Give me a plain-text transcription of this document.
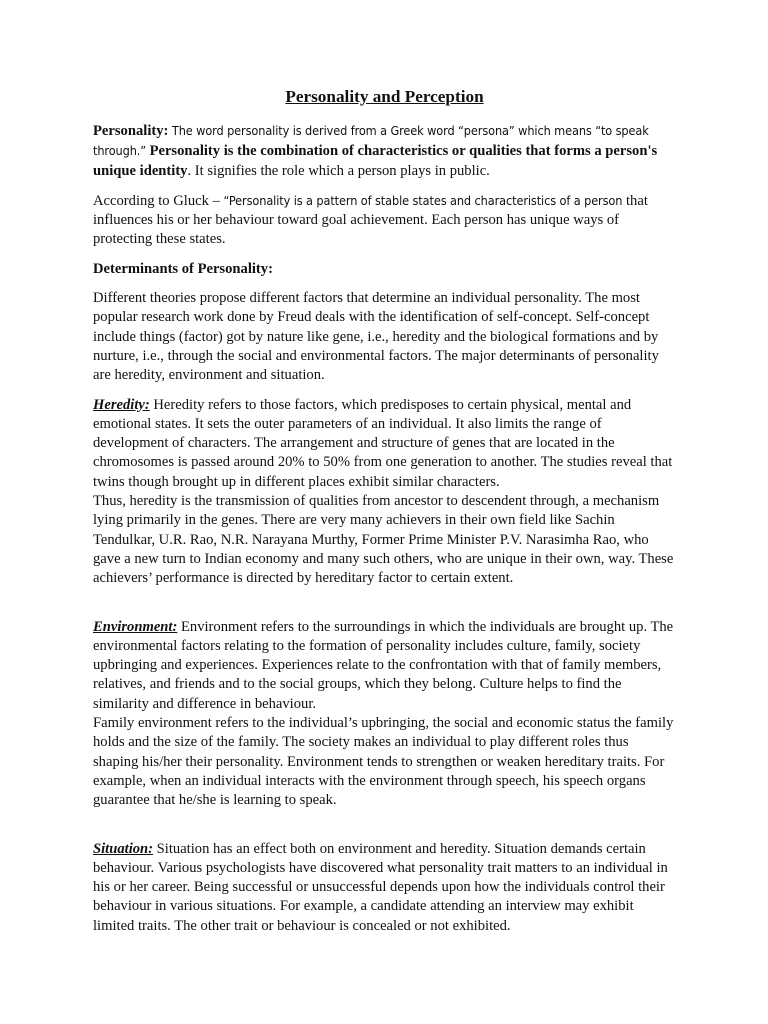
Personality and Perception

Personality: The word personality is derived from a Greek word “persona” which means “to speak through.” Personality is the combination of characteristics or qualities that forms a person's unique identity. It signifies the role which a person plays in public.

According to Gluck – “Personality is a pattern of stable states and characteristics of a person that influences his or her behaviour toward goal achievement. Each person has unique ways of protecting these states.

Determinants of Personality:

Different theories propose different factors that determine an individual personality. The most popular research work done by Freud deals with the identification of self-concept. Self-concept include things (factor) got by nature like gene, i.e., heredity and the biological formations and by nurture, i.e., through the social and environmental factors. The major determinants of personality are heredity, environment and situation.

Heredity: Heredity refers to those factors, which predisposes to certain physical, mental and emotional states. It sets the outer parameters of an individual. It also limits the range of development of characters. The arrangement and structure of genes that are located in the chromosomes is passed around 20% to 50% from one generation to another. The studies reveal that twins though brought up in different places exhibit similar characters.

Thus, heredity is the transmission of qualities from ancestor to descendent through, a mechanism lying primarily in the genes. There are very many achievers in their own field like Sachin Tendulkar, U.R. Rao, N.R. Narayana Murthy, Former Prime Minister P.V. Narasimha Rao, who gave a new turn to Indian economy and many such others, who are unique in their own, way. These achievers’ performance is directed by hereditary factor to certain extent.

Environment: Environment refers to the surroundings in which the individuals are brought up. The environmental factors relating to the formation of personality includes culture, family, society upbringing and experiences. Experiences relate to the confrontation with that of family members, relatives, and friends and to the social groups, which they belong. Culture helps to find the similarity and difference in behaviour.

Family environment refers to the individual’s upbringing, the social and economic status the family holds and the size of the family. The society makes an individual to play different roles thus shaping his/her their personality. Environment tends to strengthen or weaken hereditary traits. For example, when an individual interacts with the environment through speech, his speech organs guarantee that he/she is learning to speak.

Situation: Situation has an effect both on environment and heredity. Situation demands certain behaviour. Various psychologists have discovered what personality trait matters to an individual in his or her career. Being successful or unsuccessful depends upon how the individuals control their behaviour in various situations. For example, a candidate attending an interview may exhibit limited traits. The other trait or behaviour is concealed or not exhibited.
